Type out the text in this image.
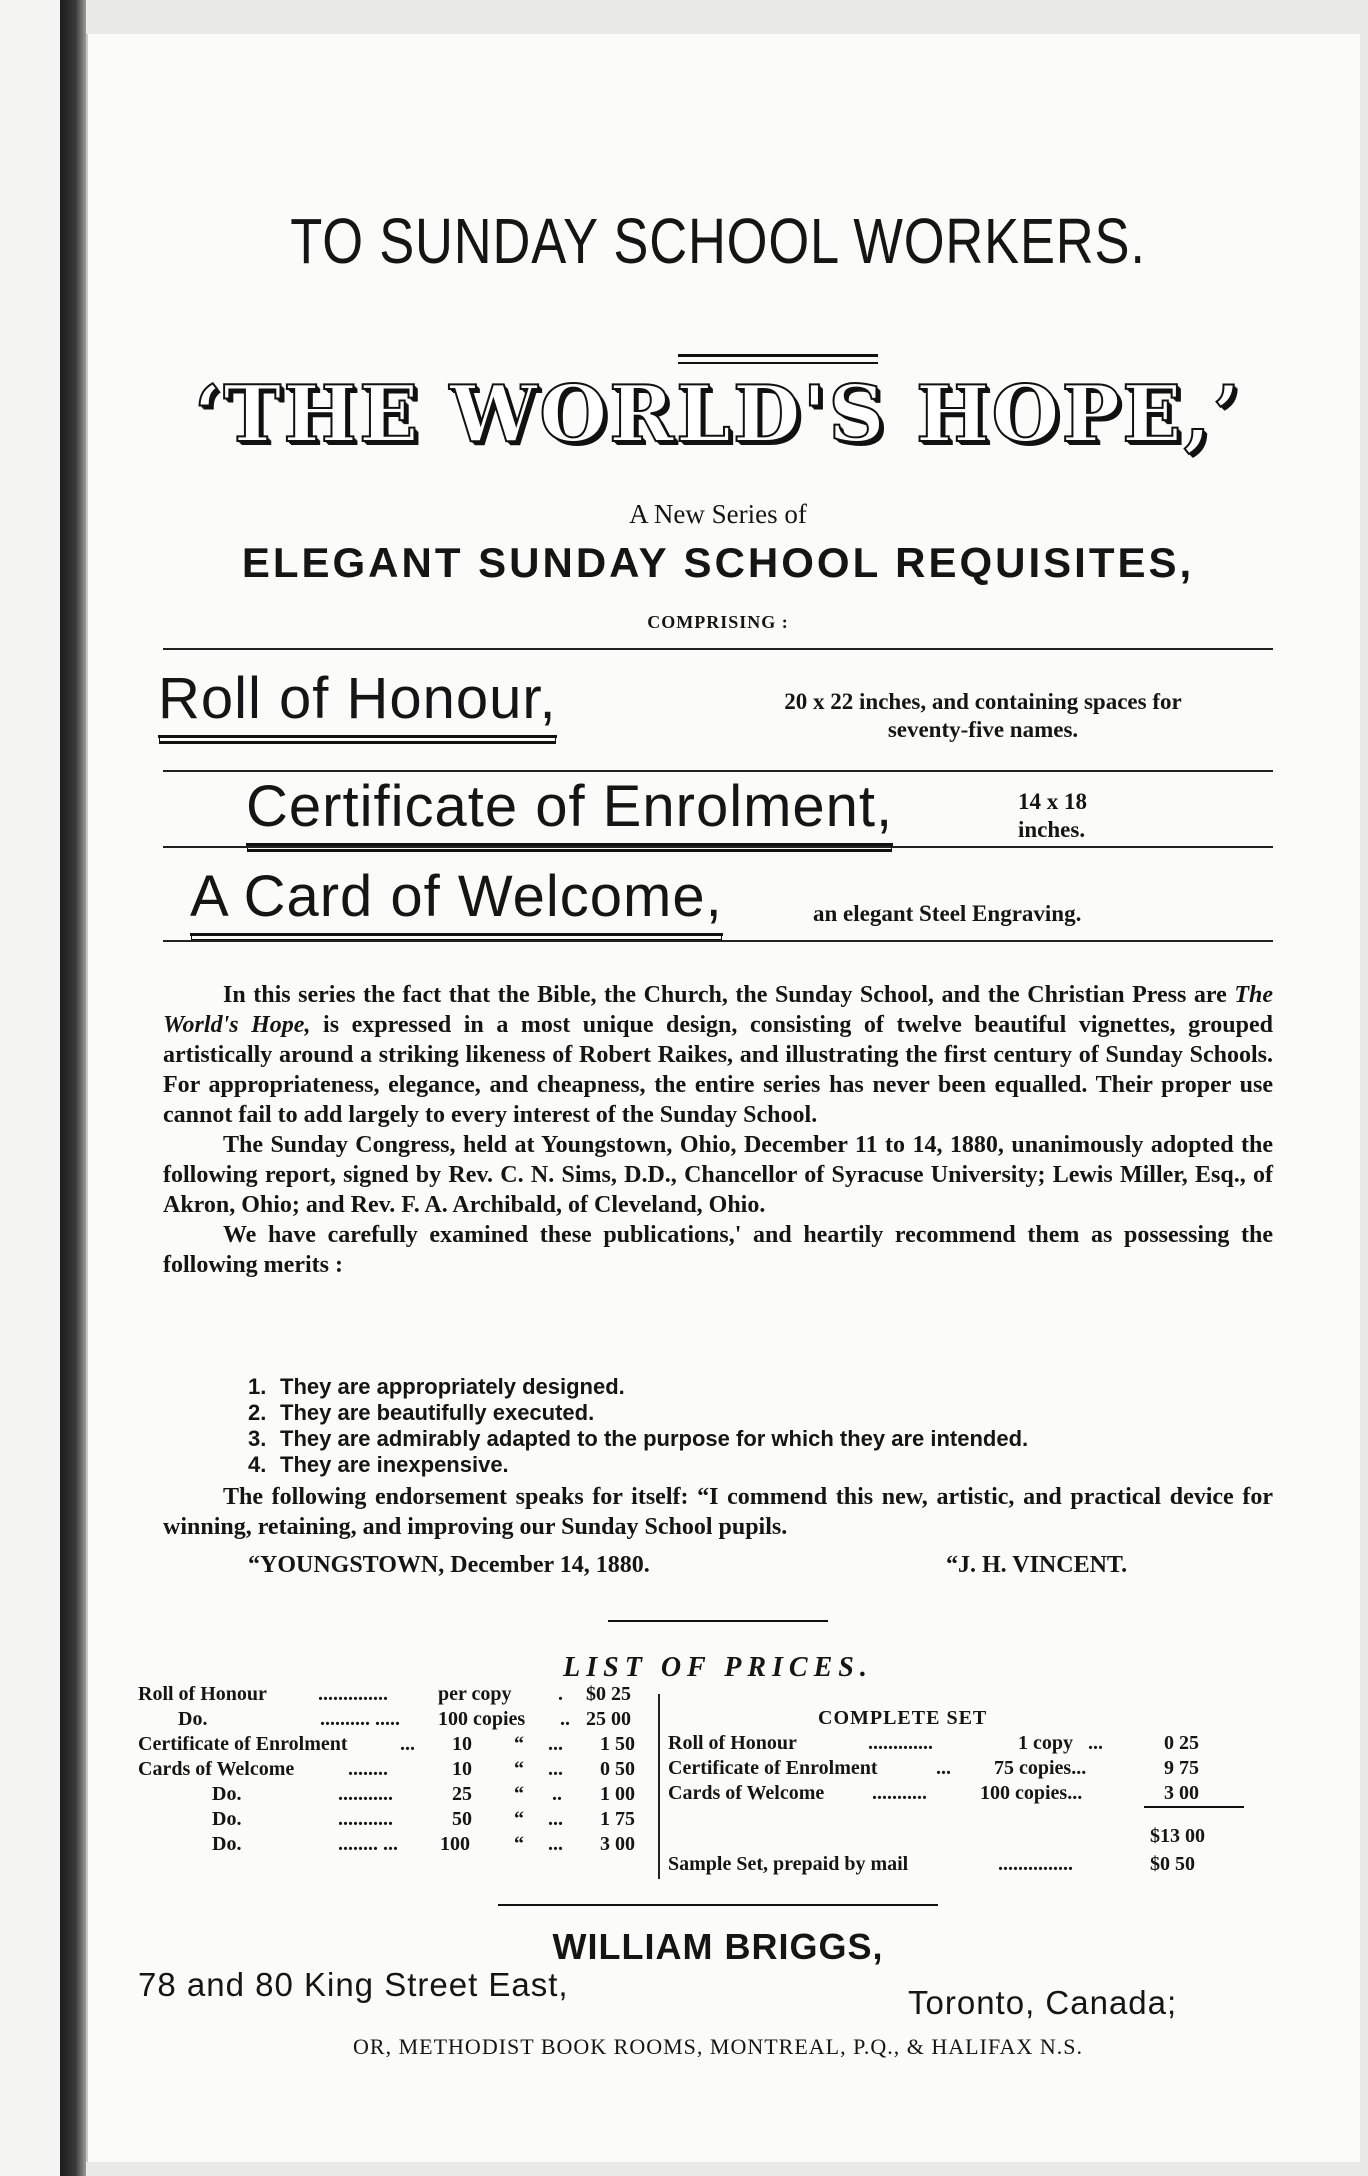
TO SUNDAY SCHOOL WORKERS.
‘THE WORLD'S HOPE,’
A New Series of
ELEGANT SUNDAY SCHOOL REQUISITES,
COMPRISING :
Roll of Honour,	20 x 22 inches, and containing spaces for
seventy-five names.
Certificate of Enrolment,	14 x 18
inches.
A Card of Welcome,	an elegant Steel Engraving.

In this series the fact that the Bible, the Church, the Sunday School, and the Christian Press are The World's Hope, is expressed in a most unique design, consisting of twelve beautiful vignettes, grouped artistically around a striking likeness of Robert Raikes, and illustrating the first century of Sunday Schools. For appropriateness, elegance, and cheapness, the entire series has never been equalled. Their proper use cannot fail to add largely to every interest of the Sunday School.

The Sunday Congress, held at Youngstown, Ohio, December 11 to 14, 1880, unanimously adopted the following report, signed by Rev. C. N. Sims, D.D., Chancellor of Syracuse University; Lewis Miller, Esq., of Akron, Ohio; and Rev. F. A. Archibald, of Cleveland, Ohio.

We have carefully examined these publications,' and heartily recommend them as possessing the following merits :

1. They are appropriately designed.
2. They are beautifully executed.
3. They are admirably adapted to the purpose for which they are intended.
4. They are inexpensive.

The following endorsement speaks for itself: “I commend this new, artistic, and practical device for winning, retaining, and improving our Sunday School pupils.

“YOUNGSTOWN, December 14, 1880.	“J. H. VINCENT.
LIST OF PRICES.
Roll of Honour	..............	per copy . $0 25
Do.	.......... ..... 100 copies .. 25 00
Certificate of Enrolment	... 10 “ ... 1 50
Cards of Welcome	........	10 “ ... 0 50
Do.	...........	25 “ .. 1 00
Do.	...........	50 “ ... 1 75
Do.	........ ... 100 “ ... 3 00
COMPLETE SET
Roll of Honour	.............	1 copy ...	0 25
Certificate of Enrolment	... 75 copies...	9 75
Cards of Welcome ...........	100 copies...	3 00
$13 00
Sample Set, prepaid by mail	...............	$0 50
WILLIAM BRIGGS,
78 and 80 King Street East,	Toronto, Canada;
OR, METHODIST BOOK ROOMS, MONTREAL, P.Q., & HALIFAX N.S.
